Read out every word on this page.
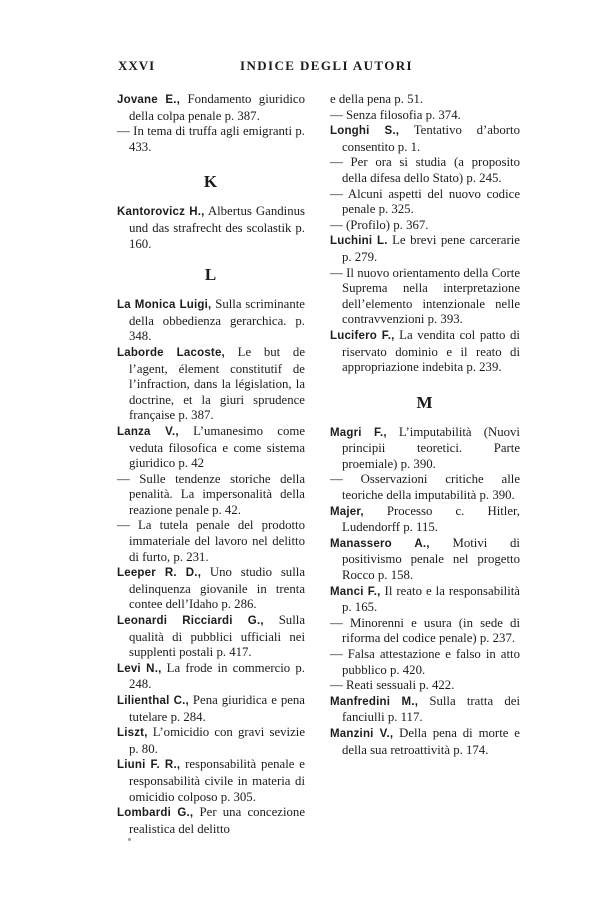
XXVI	INDICE DEGLI AUTORI
Jovane E., Fondamento giuridico della colpa penale p. 387.
— In tema di truffa agli emigranti p. 433.
K
Kantorovicz H., Albertus Gandinus und das strafrecht des scolastik p. 160.
L
La Monica Luigi, Sulla scriminante della obbedienza gerarchica. p. 348.
Laborde Lacoste, Le but de l’agent, élement constitutif de l’infraction, dans la législation, la doctrine, et la giuri sprudence française p. 387.
Lanza V., L’umanesimo come veduta filosofica e come sistema giuridico p. 42
— Sulle tendenze storiche della penalità. La impersonalità della reazione penale p. 42.
— La tutela penale del prodotto immateriale del lavoro nel delitto di furto, p. 231.
Leeper R. D., Uno studio sulla delinquenza giovanile in trenta contee dell’Idaho p. 286.
Leonardi Ricciardi G., Sulla qualità di pubblici ufficiali nei supplenti postali p. 417.
Levi N., La frode in commercio p. 248.
Lilienthal C., Pena giuridica e pena tutelare p. 284.
Liszt, L’omicidio con gravi sevizie p. 80.
Liuni F. R., responsabilità penale e responsabilità civile in materia di omicidio colposo p. 305.
Lombardi G., Per una concezione realistica del delitto
e della pena p. 51.
— Senza filosofia p. 374.
Longhi S., Tentativo d’aborto consentito p. 1.
— Per ora si studia (a proposito della difesa dello Stato) p. 245.
— Alcuni aspetti del nuovo codice penale p. 325.
— (Profilo) p. 367.
Luchini L. Le brevi pene carcerarie p. 279.
— Il nuovo orientamento della Corte Suprema nella interpretazione dell’elemento intenzionale nelle contravvenzioni p. 393.
Lucifero F., La vendita col patto di riservato dominio e il reato di appropriazione indebita p. 239.
M
Magri F., L’imputabilità (Nuovi principii teoretici. Parte proemiale) p. 390.
— Osservazioni critiche alle teoriche della imputabilità p. 390.
Majer, Processo c. Hitler, Ludendorff p. 115.
Manassero A., Motivi di positivismo penale nel progetto Rocco p. 158.
Manci F., Il reato e la responsabilità p. 165.
— Minorenni e usura (in sede di riforma del codice penale) p. 237.
— Falsa attestazione e falso in atto pubblico p. 420.
— Reati sessuali p. 422.
Manfredini M., Sulla tratta dei fanciulli p. 117.
Manzini V., Della pena di morte e della sua retroattività p. 174.
